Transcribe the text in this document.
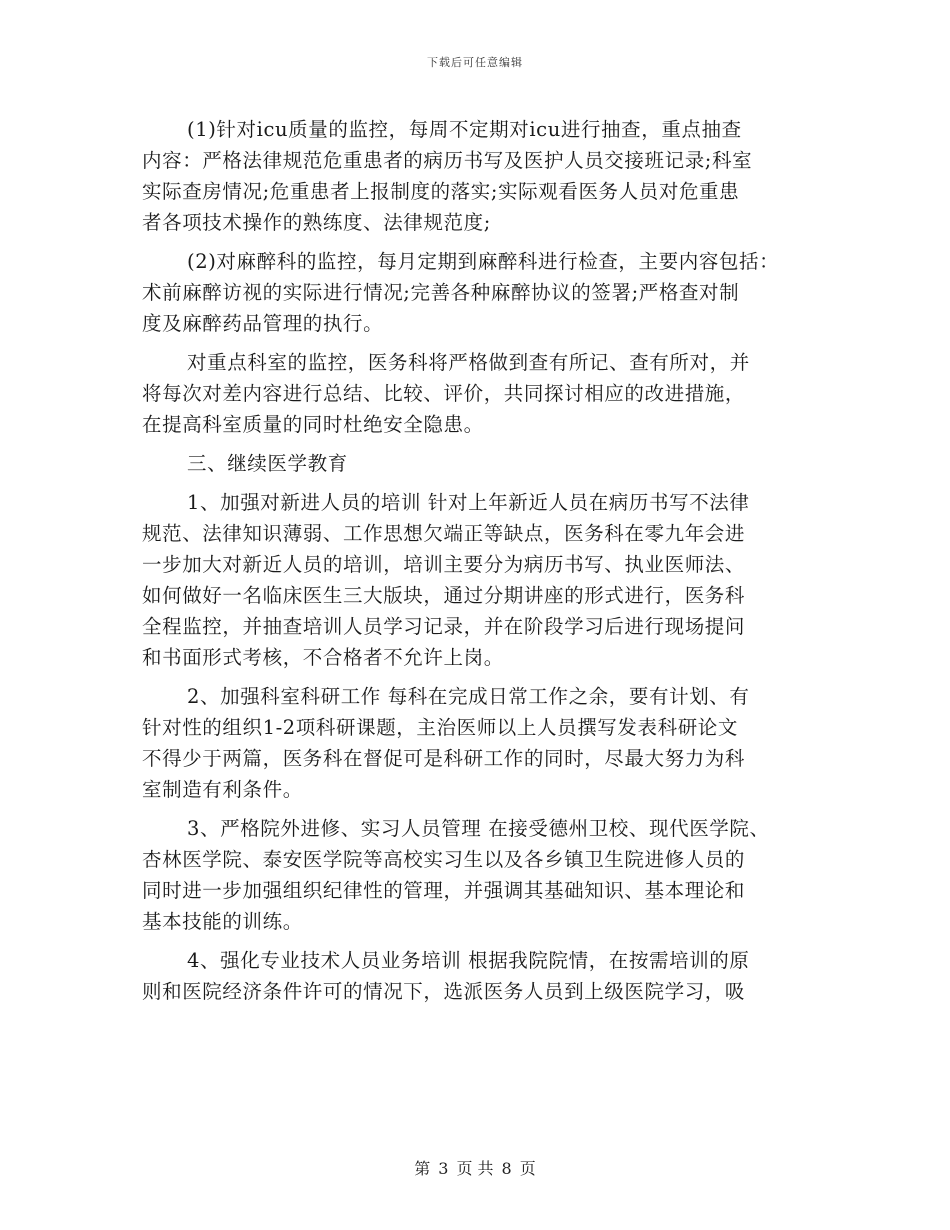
下载后可任意编辑
(1)针对icu质量的监控，每周不定期对icu进行抽查，重点抽查
内容：严格法律规范危重患者的病历书写及医护人员交接班记录;科室
实际查房情况;危重患者上报制度的落实;实际观看医务人员对危重患
者各项技术操作的熟练度、法律规范度;
(2)对麻醉科的监控，每月定期到麻醉科进行检查，主要内容包括：
术前麻醉访视的实际进行情况;完善各种麻醉协议的签署;严格查对制
度及麻醉药品管理的执行。
对重点科室的监控，医务科将严格做到查有所记、查有所对，并
将每次对差内容进行总结、比较、评价，共同探讨相应的改进措施，
在提高科室质量的同时杜绝安全隐患。
三、继续医学教育
1、加强对新进人员的培训 针对上年新近人员在病历书写不法律
规范、法律知识薄弱、工作思想欠端正等缺点，医务科在零九年会进
一步加大对新近人员的培训，培训主要分为病历书写、执业医师法、
如何做好一名临床医生三大版块，通过分期讲座的形式进行，医务科
全程监控，并抽查培训人员学习记录，并在阶段学习后进行现场提问
和书面形式考核，不合格者不允许上岗。
2、加强科室科研工作 每科在完成日常工作之余，要有计划、有
针对性的组织1-2项科研课题，主治医师以上人员撰写发表科研论文
不得少于两篇，医务科在督促可是科研工作的同时，尽最大努力为科
室制造有利条件。
3、严格院外进修、实习人员管理 在接受德州卫校、现代医学院、
杏林医学院、泰安医学院等高校实习生以及各乡镇卫生院进修人员的
同时进一步加强组织纪律性的管理，并强调其基础知识、基本理论和
基本技能的训练。
4、强化专业技术人员业务培训 根据我院院情，在按需培训的原
则和医院经济条件许可的情况下，选派医务人员到上级医院学习，吸
第 3 页 共 8 页
